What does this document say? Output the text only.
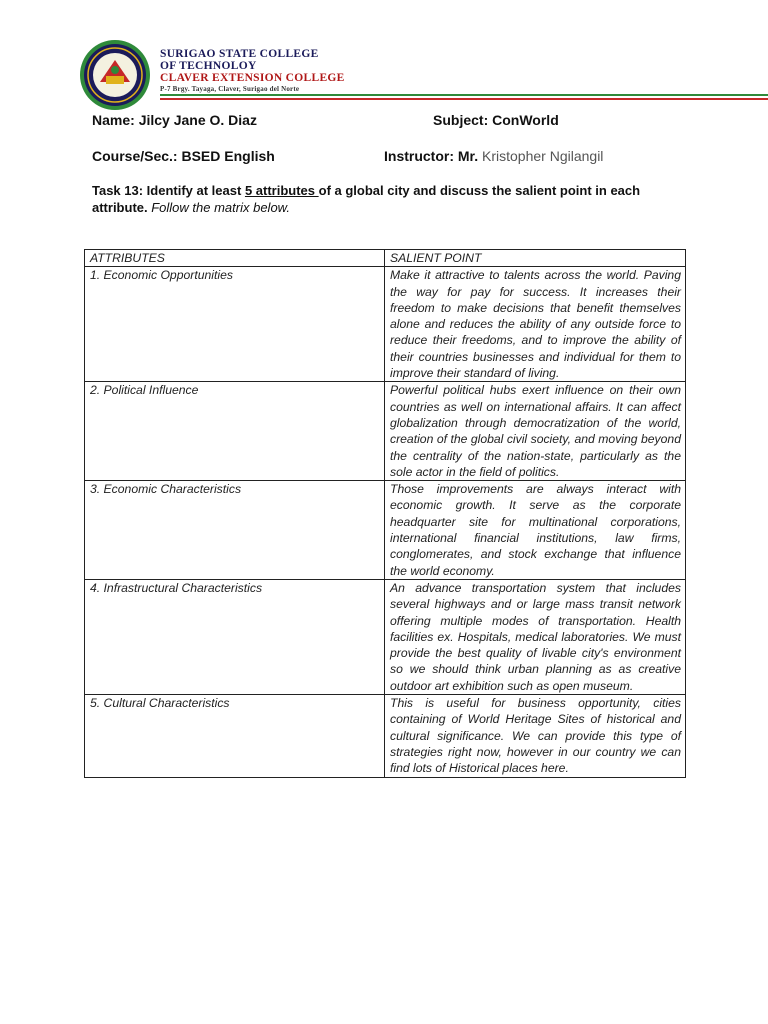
SURIGAO STATE COLLEGE
OF TECHNOLOY
CLAVER EXTENSION COLLEGE
P-7 Brgy. Tayaga, Claver, Surigao del Norte
Name: Jilcy Jane O. Diaz	Subject: ConWorld
Course/Sec.: BSED English	Instructor: Mr. Kristopher Ngilangil
Task 13: Identify at least 5 attributes of a global city and discuss the salient point in each attribute. Follow the matrix below.
ATTRIBUTES	SALIENT POINT
1. Economic Opportunities	Make it attractive to talents across the world. Paving the way for pay for success. It increases their freedom to make decisions that benefit themselves alone and reduces the ability of any outside force to reduce their freedoms, and to improve the ability of their countries businesses and individual for them to improve their standard of living.
2. Political Influence	Powerful political hubs exert influence on their own countries as well on international affairs. It can affect globalization through democratization of the world, creation of the global civil society, and moving beyond the centrality of the nation-state, particularly as the sole actor in the field of politics.
3. Economic Characteristics	Those improvements are always interact with economic growth. It serve as the corporate headquarter site for multinational corporations, international financial institutions, law firms, conglomerates, and stock exchange that influence the world economy.
4. Infrastructural Characteristics	An advance transportation system that includes several highways and or large mass transit network offering multiple modes of transportation. Health facilities ex. Hospitals, medical laboratories. We must provide the best quality of livable city's environment so we should think urban planning as as creative outdoor art exhibition such as open museum.
5. Cultural Characteristics	This is useful for business opportunity, cities containing of World Heritage Sites of historical and cultural significance. We can provide this type of strategies right now, however in our country we can find lots of Historical places here.
